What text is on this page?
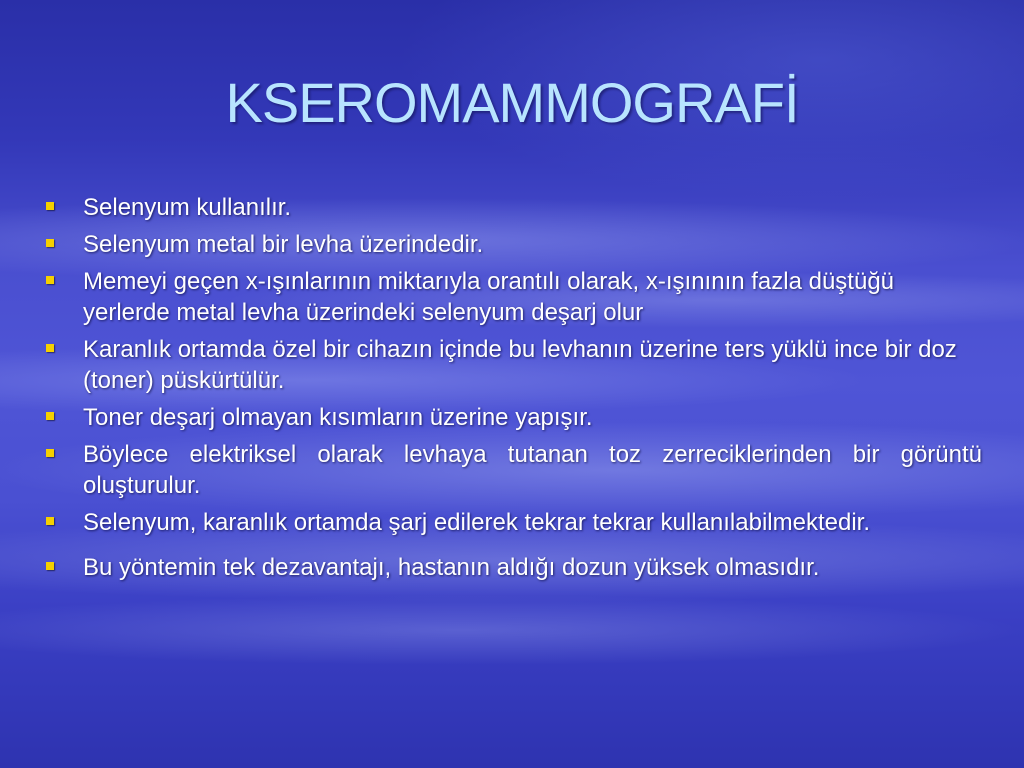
KSEROMAMMOGRAFİ
Selenyum kullanılır.
Selenyum metal bir levha üzerindedir.
Memeyi geçen x-ışınlarının miktarıyla orantılı olarak, x-ışınının fazla düştüğü yerlerde metal levha üzerindeki selenyum deşarj olur
Karanlık ortamda özel bir cihazın içinde bu levhanın üzerine ters yüklü ince bir doz (toner) püskürtülür.
Toner deşarj olmayan kısımların üzerine yapışır.
Böylece elektriksel olarak levhaya tutanan toz zerreciklerinden bir görüntü oluşturulur.
Selenyum, karanlık ortamda şarj edilerek tekrar tekrar kullanılabilmektedir.
Bu yöntemin tek dezavantajı, hastanın aldığı dozun yüksek olmasıdır.
